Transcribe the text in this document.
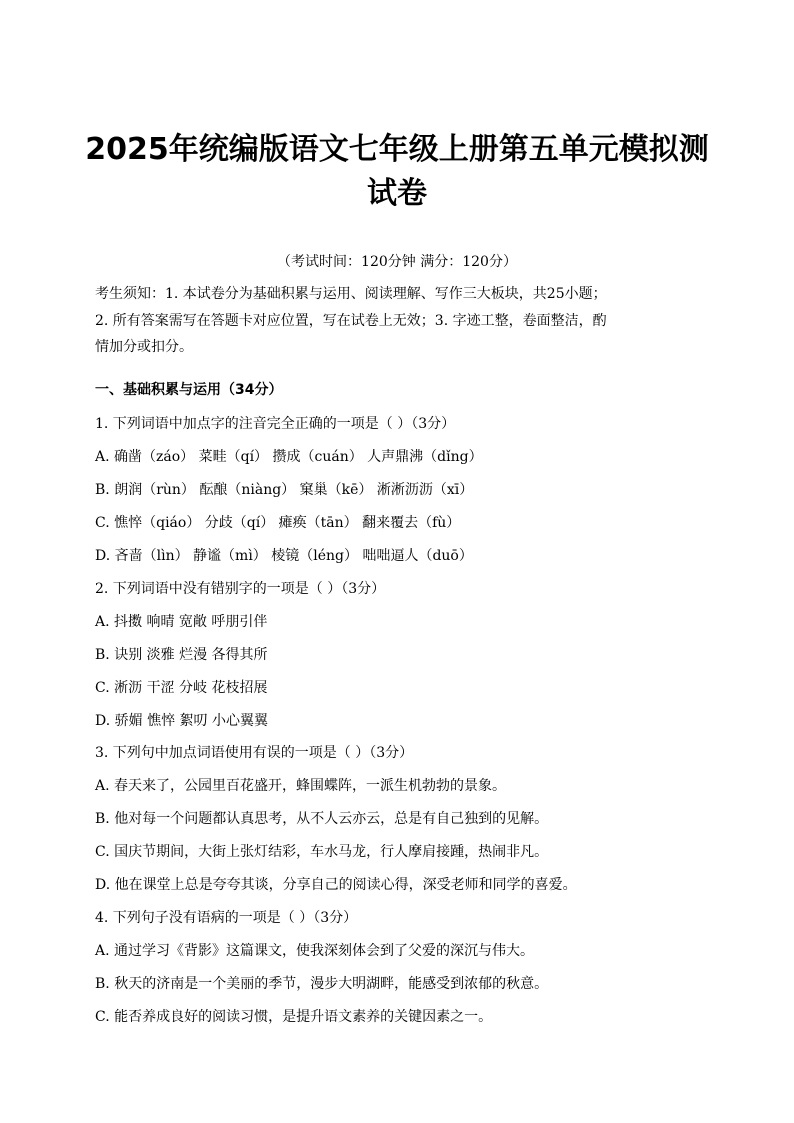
2025年统编版语文七年级上册第五单元模拟测
试卷
（考试时间：120分钟 满分：120分）
考生须知：1. 本试卷分为基础积累与运用、阅读理解、写作三大板块，共25小题；
2. 所有答案需写在答题卡对应位置，写在试卷上无效；3. 字迹工整，卷面整洁，酌
情加分或扣分。
一、基础积累与运用（34分）
1. 下列词语中加点字的注音完全正确的一项是（ ）（3分）
A. 确凿（záo） 菜畦（qí） 攒成（cuán） 人声鼎沸（dǐng）
B. 朗润（rùn） 酝酿（niàng） 窠巢（kē） 淅淅沥沥（xī）
C. 憔悴（qiáo） 分歧（qí） 瘫痪（tān） 翻来覆去（fù）
D. 吝啬（lìn） 静谧（mì） 棱镜（léng） 咄咄逼人（duō）
2. 下列词语中没有错别字的一项是（ ）（3分）
A. 抖擞 响晴 宽敞 呼朋引伴
B. 诀别 淡雅 烂漫 各得其所
C. 淅沥 干涩 分岐 花枝招展
D. 骄媚 憔悴 絮叨 小心翼翼
3. 下列句中加点词语使用有误的一项是（ ）（3分）
A. 春天来了，公园里百花盛开，蜂围蝶阵，一派生机勃勃的景象。
B. 他对每一个问题都认真思考，从不人云亦云，总是有自己独到的见解。
C. 国庆节期间，大街上张灯结彩，车水马龙，行人摩肩接踵，热闹非凡。
D. 他在课堂上总是夸夸其谈，分享自己的阅读心得，深受老师和同学的喜爱。
4. 下列句子没有语病的一项是（ ）（3分）
A. 通过学习《背影》这篇课文，使我深刻体会到了父爱的深沉与伟大。
B. 秋天的济南是一个美丽的季节，漫步大明湖畔，能感受到浓郁的秋意。
C. 能否养成良好的阅读习惯，是提升语文素养的关键因素之一。
